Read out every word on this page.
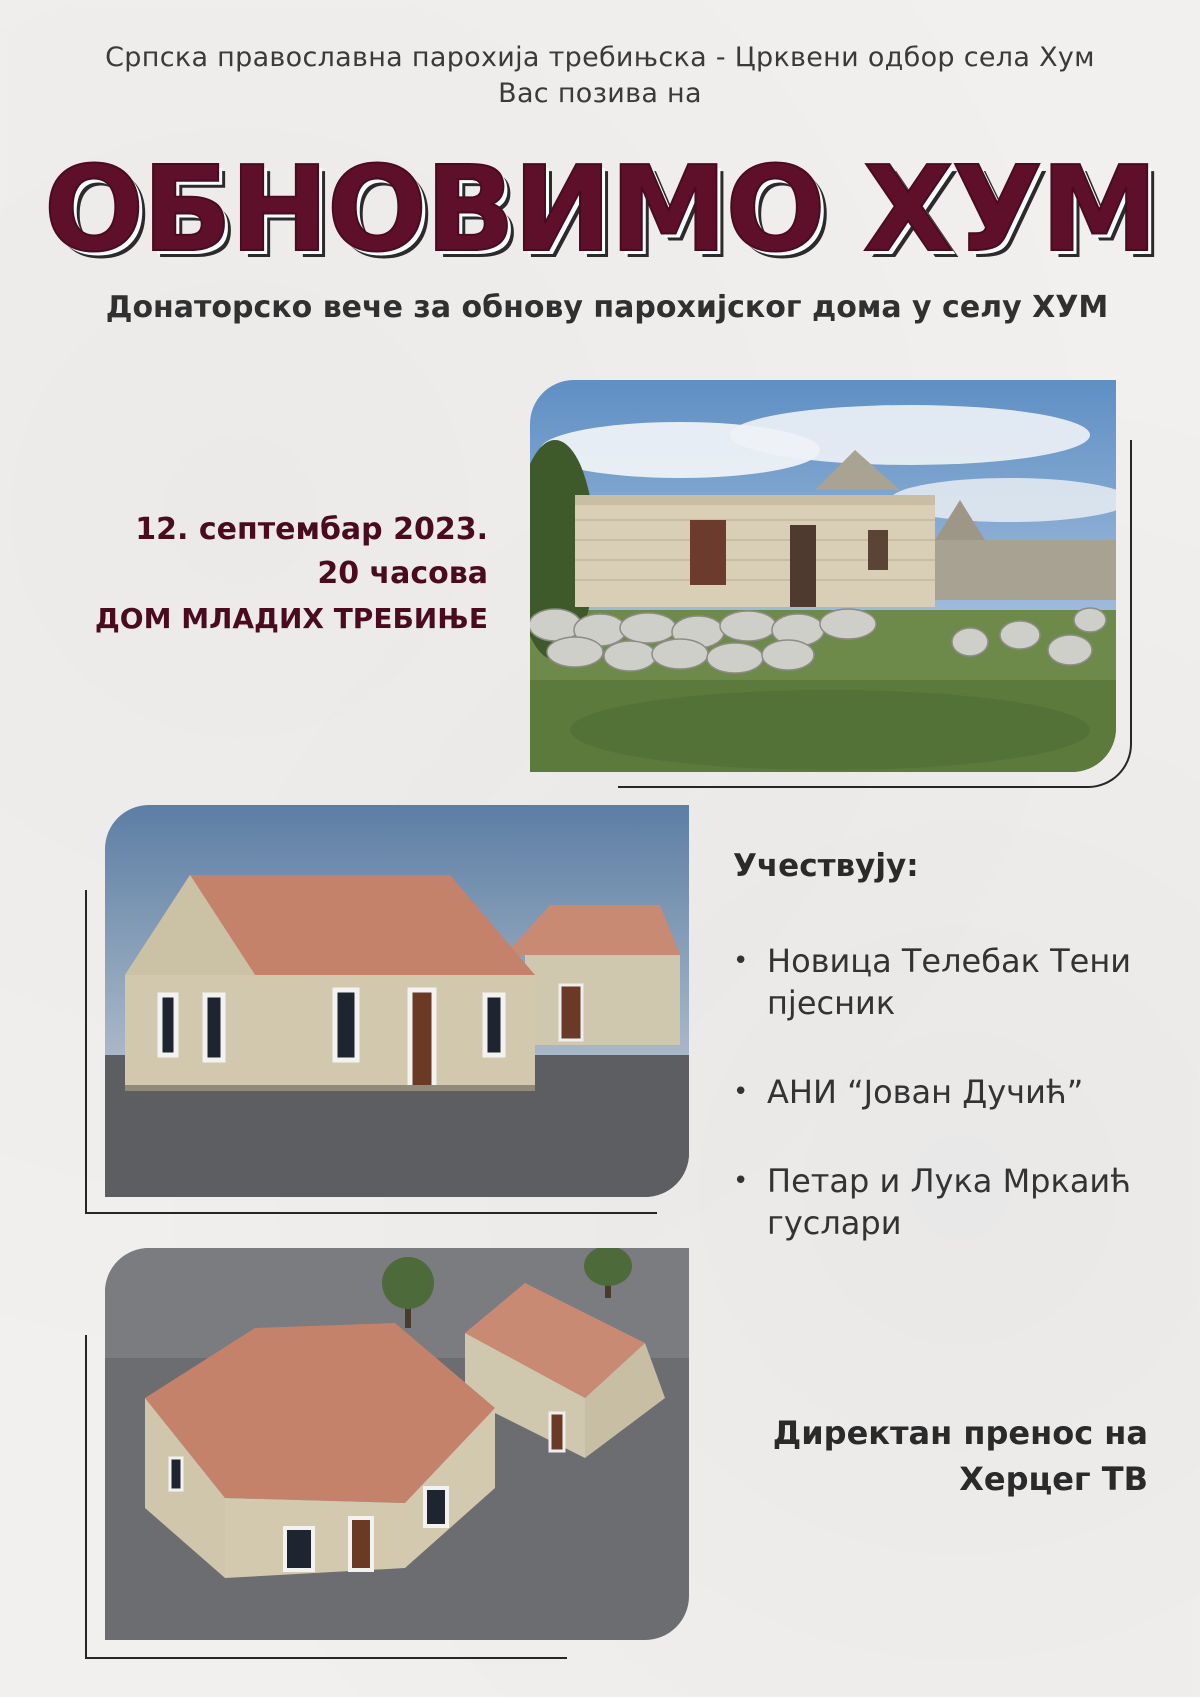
Српска православна парохија требињска - Црквени одбор села Хум
Вас позива на
ОБНОВИМО ХУМ
Донаторско вече за обнову парохијског дома у селу ХУМ
12. септембар 2023.
20 часова
ДОМ МЛАДИХ ТРЕБИЊЕ
Учествују:
• Новица Телебак Тени
пјесник
• АНИ “Јован Дучић”
• Петар и Лука Мркаић
гуслари
Директан пренос на
Херцег ТВ
